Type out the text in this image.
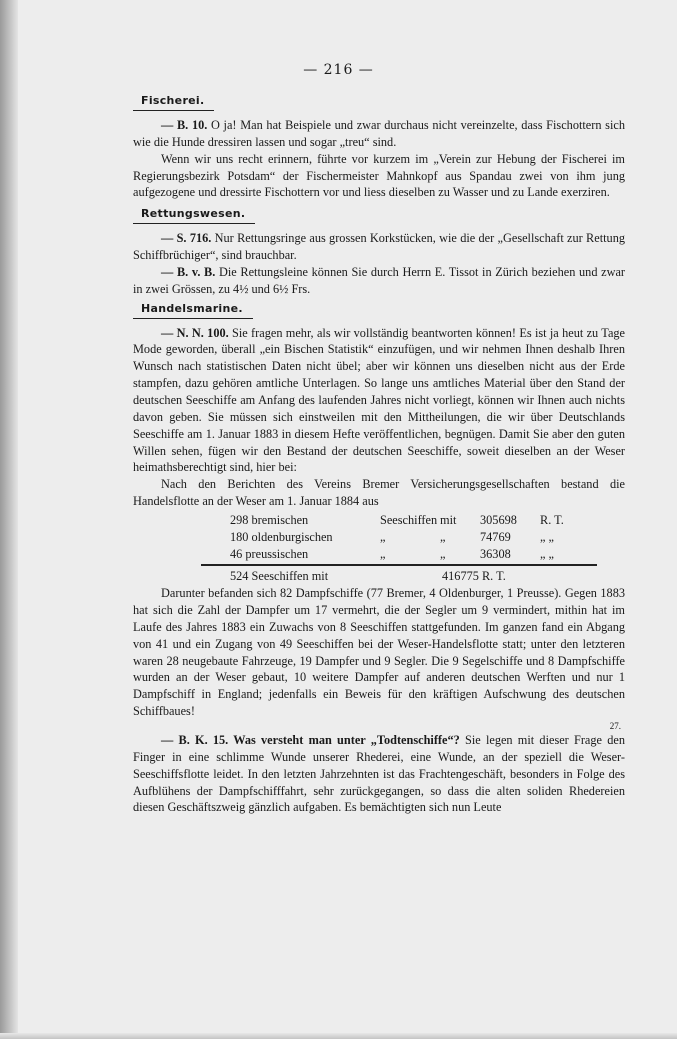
— 216 —
Fischerei.

— B. 10. O ja! Man hat Beispiele und zwar durchaus nicht vereinzelte, dass Fischottern sich wie die Hunde dressiren lassen und sogar „treu“ sind.

Wenn wir uns recht erinnern, führte vor kurzem im „Verein zur Hebung der Fischerei im Regierungsbezirk Potsdam“ der Fischermeister Mahnkopf aus Spandau zwei von ihm jung aufgezogene und dressirte Fischottern vor und liess dieselben zu Wasser und zu Lande exerziren.

Rettungswesen.

— S. 716. Nur Rettungsringe aus grossen Korkstücken, wie die der „Gesellschaft zur Rettung Schiffbrüchiger“, sind brauchbar.

— B. v. B. Die Rettungsleine können Sie durch Herrn E. Tissot in Zürich beziehen und zwar in zwei Grössen, zu 4½ und 6½ Frs.

Handelsmarine.

— N. N. 100. Sie fragen mehr, als wir vollständig beantworten können! Es ist ja heut zu Tage Mode geworden, überall „ein Bischen Statistik“ einzufügen, und wir nehmen Ihnen deshalb Ihren Wunsch nach statistischen Daten nicht übel; aber wir können uns dieselben nicht aus der Erde stampfen, dazu gehören amtliche Unterlagen. So lange uns amtliches Material über den Stand der deutschen Seeschiffe am Anfang des laufenden Jahres nicht vorliegt, können wir Ihnen auch nichts davon geben. Sie müssen sich einstweilen mit den Mittheilungen, die wir über Deutschlands Seeschiffe am 1. Januar 1883 in diesem Hefte veröffentlichen, begnügen. Damit Sie aber den guten Willen sehen, fügen wir den Bestand der deutschen Seeschiffe, soweit dieselben an der Weser heimathsberechtigt sind, hier bei:

Nach den Berichten des Vereins Bremer Versicherungsgesellschaften bestand die Handelsflotte an der Weser am 1. Januar 1884 aus

298 bremischen	Seeschiffen mit	305698	R. T.
180 oldenburgischen	„	„	74769	„ „
46 preussischen	„	„	36308	„ „
524 Seeschiffen mit	416775 R. T.

Darunter befanden sich 82 Dampfschiffe (77 Bremer, 4 Oldenburger, 1 Preusse). Gegen 1883 hat sich die Zahl der Dampfer um 17 vermehrt, die der Segler um 9 vermindert, mithin hat im Laufe des Jahres 1883 ein Zuwachs von 8 Seeschiffen stattgefunden. Im ganzen fand ein Abgang von 41 und ein Zugang von 49 Seeschiffen bei der Weser-Handelsflotte statt; unter den letzteren waren 28 neugebaute Fahrzeuge, 19 Dampfer und 9 Segler. Die 9 Segelschiffe und 8 Dampfschiffe wurden an der Weser gebaut, 10 weitere Dampfer auf anderen deutschen Werften und nur 1 Dampfschiff in England; jedenfalls ein Beweis für den kräftigen Aufschwung des deutschen Schiffbaues!

27.

— B. K. 15. Was versteht man unter „Todtenschiffe“? Sie legen mit dieser Frage den Finger in eine schlimme Wunde unserer Rhederei, eine Wunde, an der speziell die Weser-Seeschiffsflotte leidet. In den letzten Jahrzehnten ist das Frachtengeschäft, besonders in Folge des Aufblühens der Dampfschifffahrt, sehr zurückgegangen, so dass die alten soliden Rhedereien diesen Geschäftszweig gänzlich aufgaben. Es bemächtigten sich nun Leute
